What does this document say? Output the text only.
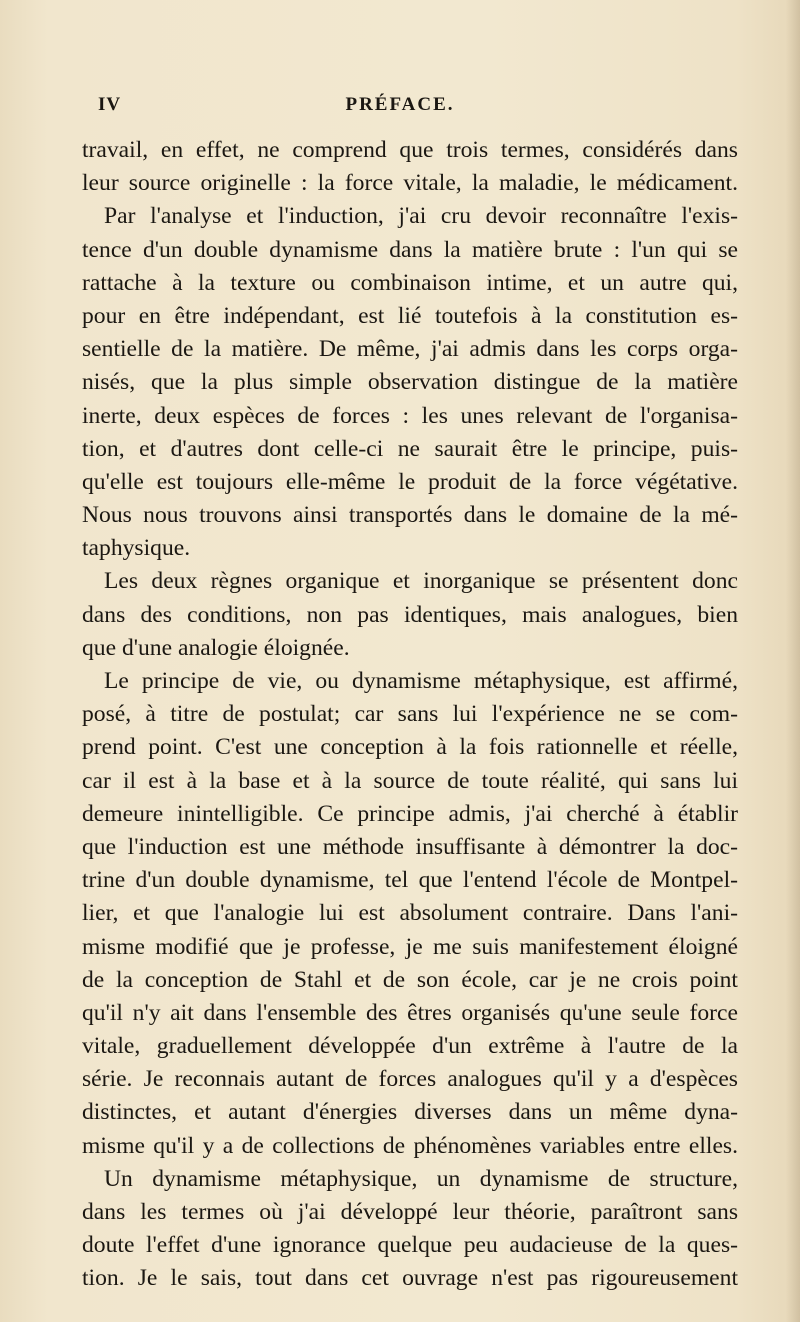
IV	PRÉFACE.
travail, en effet, ne comprend que trois termes, considérés dans
leur source originelle : la force vitale, la maladie, le médicament.
Par l'analyse et l'induction, j'ai cru devoir reconnaître l'exis-
tence d'un double dynamisme dans la matière brute : l'un qui se
rattache à la texture ou combinaison intime, et un autre qui,
pour en être indépendant, est lié toutefois à la constitution es-
sentielle de la matière. De même, j'ai admis dans les corps orga-
nisés, que la plus simple observation distingue de la matière
inerte, deux espèces de forces : les unes relevant de l'organisa-
tion, et d'autres dont celle-ci ne saurait être le principe, puis-
qu'elle est toujours elle-même le produit de la force végétative.
Nous nous trouvons ainsi transportés dans le domaine de la mé-
taphysique.
Les deux règnes organique et inorganique se présentent donc
dans des conditions, non pas identiques, mais analogues, bien
que d'une analogie éloignée.
Le principe de vie, ou dynamisme métaphysique, est affirmé,
posé, à titre de postulat; car sans lui l'expérience ne se com-
prend point. C'est une conception à la fois rationnelle et réelle,
car il est à la base et à la source de toute réalité, qui sans lui
demeure inintelligible. Ce principe admis, j'ai cherché à établir
que l'induction est une méthode insuffisante à démontrer la doc-
trine d'un double dynamisme, tel que l'entend l'école de Montpel-
lier, et que l'analogie lui est absolument contraire. Dans l'ani-
misme modifié que je professe, je me suis manifestement éloigné
de la conception de Stahl et de son école, car je ne crois point
qu'il n'y ait dans l'ensemble des êtres organisés qu'une seule force
vitale, graduellement développée d'un extrême à l'autre de la
série. Je reconnais autant de forces analogues qu'il y a d'espèces
distinctes, et autant d'énergies diverses dans un même dyna-
misme qu'il y a de collections de phénomènes variables entre elles.
Un dynamisme métaphysique, un dynamisme de structure,
dans les termes où j'ai développé leur théorie, paraîtront sans
doute l'effet d'une ignorance quelque peu audacieuse de la ques-
tion. Je le sais, tout dans cet ouvrage n'est pas rigoureusement
